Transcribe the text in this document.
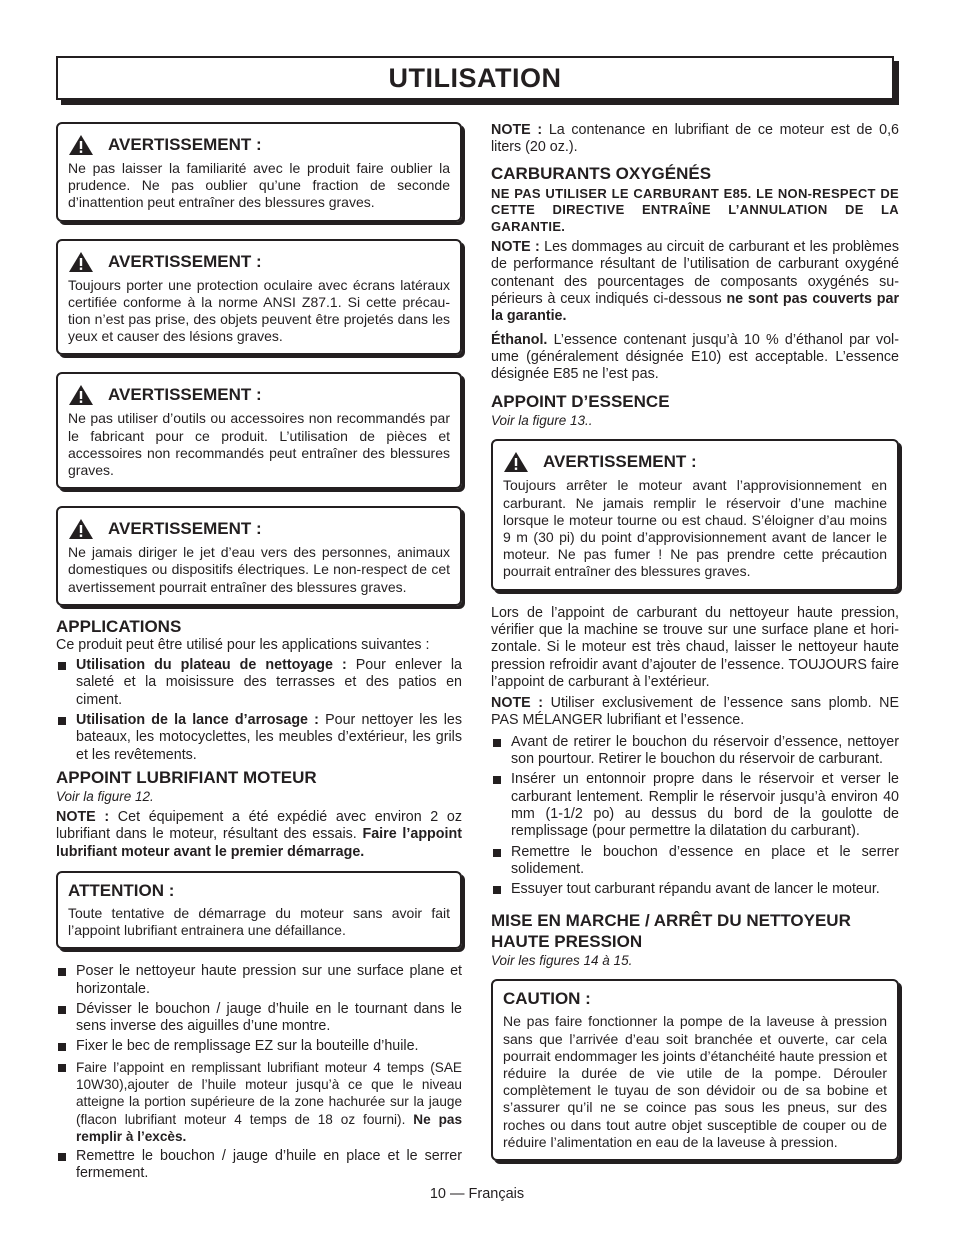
UTILISATION
AVERTISSEMENT :

Ne pas laisser la familiarité avec le produit faire oublier la prudence. Ne pas oublier qu’une fraction de seconde d’inattention peut entraîner des blessures graves.

AVERTISSEMENT :

Toujours porter une protection oculaire avec écrans latéraux certifiée conforme à la norme ANSI Z87.1. Si cette précau-tion n’est pas prise, des objets peuvent être projetés dans les yeux et causer des lésions graves.

AVERTISSEMENT :

Ne pas utiliser d’outils ou accessoires non recommandés par le fabricant pour ce produit. L’utilisation de pièces et accessoires non recommandés peut entraîner des blessures graves.

AVERTISSEMENT :

Ne jamais diriger le jet d’eau vers des personnes, animaux domestiques ou dispositifs électriques. Le non-respect de cet avertissement pourrait entraîner des blessures graves.

APPLICATIONS

Ce produit peut être utilisé pour les applications suivantes :

Utilisation du plateau de nettoyage : Pour enlever la saleté et la moisissure des terrasses et des patios en ciment.
Utilisation de la lance d’arrosage : Pour nettoyer les les bateaux, les motocyclettes, les meubles d’extérieur, les grils et les revêtements.
APPOINT LUBRIFIANT MOTEUR
Voir la figure 12.

NOTE : Cet équipement a été expédié avec environ 2 oz lubrifiant dans le moteur, résultant des essais. Faire l’appoint lubrifiant moteur avant le premier démarrage.

ATTENTION :

Toute tentative de démarrage du moteur sans avoir fait l’appoint lubrifiant entrainera une défaillance.

Poser le nettoyeur haute pression sur une surface plane et horizontale.
Dévisser le bouchon / jauge d’huile en le tournant dans le sens inverse des aiguilles d’une montre.
Fixer le bec de remplissage EZ sur la bouteille d’huile.
Faire l’appoint en remplissant lubrifiant moteur 4 temps (SAE 10W30),ajouter de l’huile moteur jusqu’à ce que le niveau atteigne la portion supérieure de la zone hachurée sur la jauge (flacon lubrifiant moteur 4 temps de 18 oz fourni). Ne pas remplir à l’excès.
Remettre le bouchon / jauge d’huile en place et le serrer fermement.

NOTE : La contenance en lubrifiant de ce moteur est de 0,6 liters (20 oz.).

CARBURANTS OXYGÉNÉS

NE PAS UTILISER LE CARBURANT E85. LE NON-RESPECT DE CETTE DIRECTIVE ENTRAÎNE L’ANNULATION DE LA GARANTIE.

NOTE : Les dommages au circuit de carburant et les problèmes de performance résultant de l’utilisation de carburant oxygéné contenant des pourcentages de composants oxygénés su-périeurs à ceux indiqués ci-dessous ne sont pas couverts par la garantie.

Éthanol. L’essence contenant jusqu’à 10 % d’éthanol par vol-ume (généralement désignée E10) est acceptable. L’essence désignée E85 ne l’est pas.

APPOINT D’ESSENCE
Voir la figure 13..
AVERTISSEMENT :

Toujours arrêter le moteur avant l’approvisionnement en carburant. Ne jamais remplir le réservoir d’une machine lorsque le moteur tourne ou est chaud. S’éloigner d’au moins 9 m (30 pi) du point d’approvisionnement avant de lancer le moteur. Ne pas fumer ! Ne pas prendre cette précaution pourrait entraîner des blessures graves.

Lors de l’appoint de carburant du nettoyeur haute pression, vérifier que la machine se trouve sur une surface plane et hori-zontale. Si le moteur est très chaud, laisser le nettoyeur haute pression refroidir avant d’ajouter de l’essence. TOUJOURS faire l’appoint de carburant à l’extérieur.

NOTE : Utiliser exclusivement de l’essence sans plomb. NE PAS MÉLANGER lubrifiant et l’essence.

Avant de retirer le bouchon du réservoir d’essence, nettoyer son pourtour. Retirer le bouchon du réservoir de carburant.
Insérer un entonnoir propre dans le réservoir et verser le carburant lentement. Remplir le réservoir jusqu’à environ 40 mm (1-1/2 po) au dessus du bord de la goulotte de remplissage (pour permettre la dilatation du carburant).
Remettre le bouchon d’essence en place et le serrer solidement.
Essuyer tout carburant répandu avant de lancer le moteur.
MISE EN MARCHE / ARRÊT DU NETTOYEUR HAUTE PRESSION
Voir les figures 14 à 15.
CAUTION :

Ne pas faire fonctionner la pompe de la laveuse à pression sans que l’arrivée d’eau soit branchée et ouverte, car cela pourrait endommager les joints d’étanchéité haute pression et réduire la durée de vie utile de la pompe. Dérouler complètement le tuyau de son dévidoir ou de sa bobine et s’assurer qu’il ne se coince pas sous les pneus, sur des roches ou dans tout autre objet susceptible de couper ou de réduire l’alimentation en eau de la laveuse à pression.

10 — Français
